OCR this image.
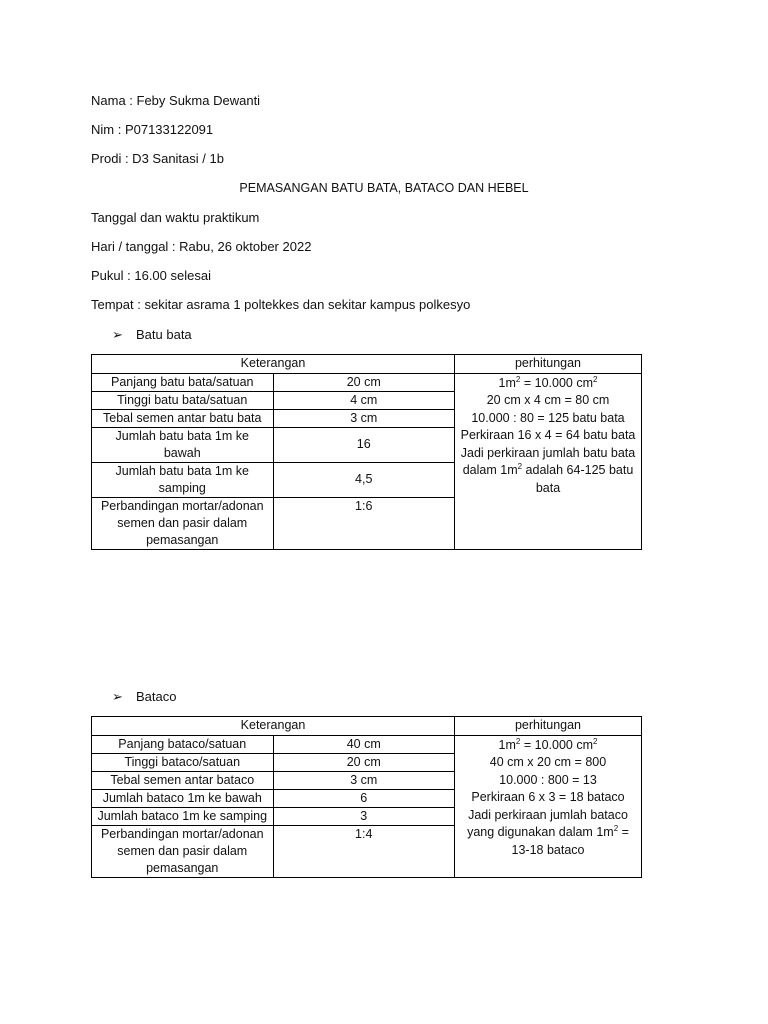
Nama : Feby Sukma Dewanti
Nim : P07133122091
Prodi : D3 Sanitasi / 1b
PEMASANGAN BATU BATA, BATACO DAN HEBEL
Tanggal dan waktu praktikum
Hari / tanggal : Rabu, 26 oktober 2022
Pukul : 16.00 selesai
Tempat : sekitar asrama 1 poltekkes dan sekitar kampus polkesyo
➢ Batu bata
Keterangan		perhitungan
Panjang batu bata/satuan	20 cm	$1m^2 = 10.000$ $cm^2$
20 cm x 4 cm = 80 cm
10.000 : 80 = 125 batu bata
Perkiraan 16 x 4 = 64 batu bata
Jadi perkiraan jumlah batu bata dalam $1m^2$ adalah 64-125 batu bata

Tinggi batu bata/satuan	4 cm	
Tebal semen antar batu bata	3 cm	
Jumlah batu bata 1m ke bawah	16	
Jumlah batu bata 1m ke samping	4,5	
Perbandingan mortar/adonan semen dan pasir dalam pemasangan	1:6	
➢ Bataco
Keterangan		perhitungan
Panjang bataco/satuan	40 cm	$1m^2 = 10.000$ $cm^2$
40 cm x 20 cm = 800
10.000 : 800 = 13
Perkiraan 6 x 3 = 18 bataco
Jadi perkiraan jumlah bataco yang digunakan dalam $1m^2 = 13-18$ bataco

Tinggi bataco/satuan	20 cm	
Tebal semen antar bataco	3 cm	
Jumlah bataco 1m ke bawah	6	
Jumlah bataco 1m ke samping	3	
Perbandingan mortar/adonan semen dan pasir dalam pemasangan	1:4	
